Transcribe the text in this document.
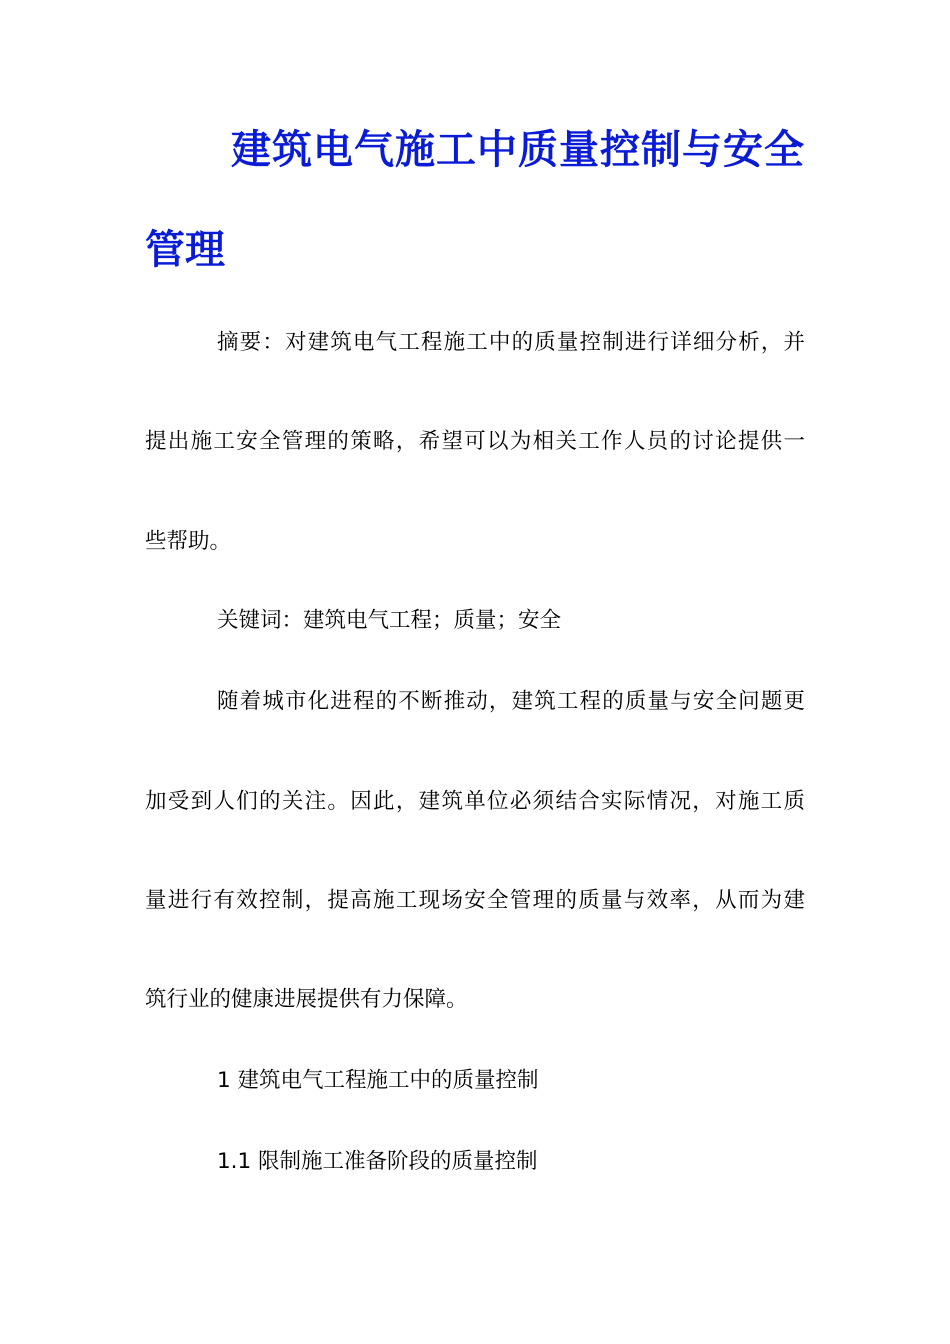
建筑电气施工中质量控制与安全
管理

摘要：对建筑电气工程施工中的质量控制进行详细分析，并

提出施工安全管理的策略，希望可以为相关工作人员的讨论提供一

些帮助。

关键词：建筑电气工程；质量；安全

随着城市化进程的不断推动，建筑工程的质量与安全问题更

加受到人们的关注。因此，建筑单位必须结合实际情况，对施工质

量进行有效控制，提高施工现场安全管理的质量与效率，从而为建

筑行业的健康进展提供有力保障。

1 建筑电气工程施工中的质量控制

1.1 限制施工准备阶段的质量控制
